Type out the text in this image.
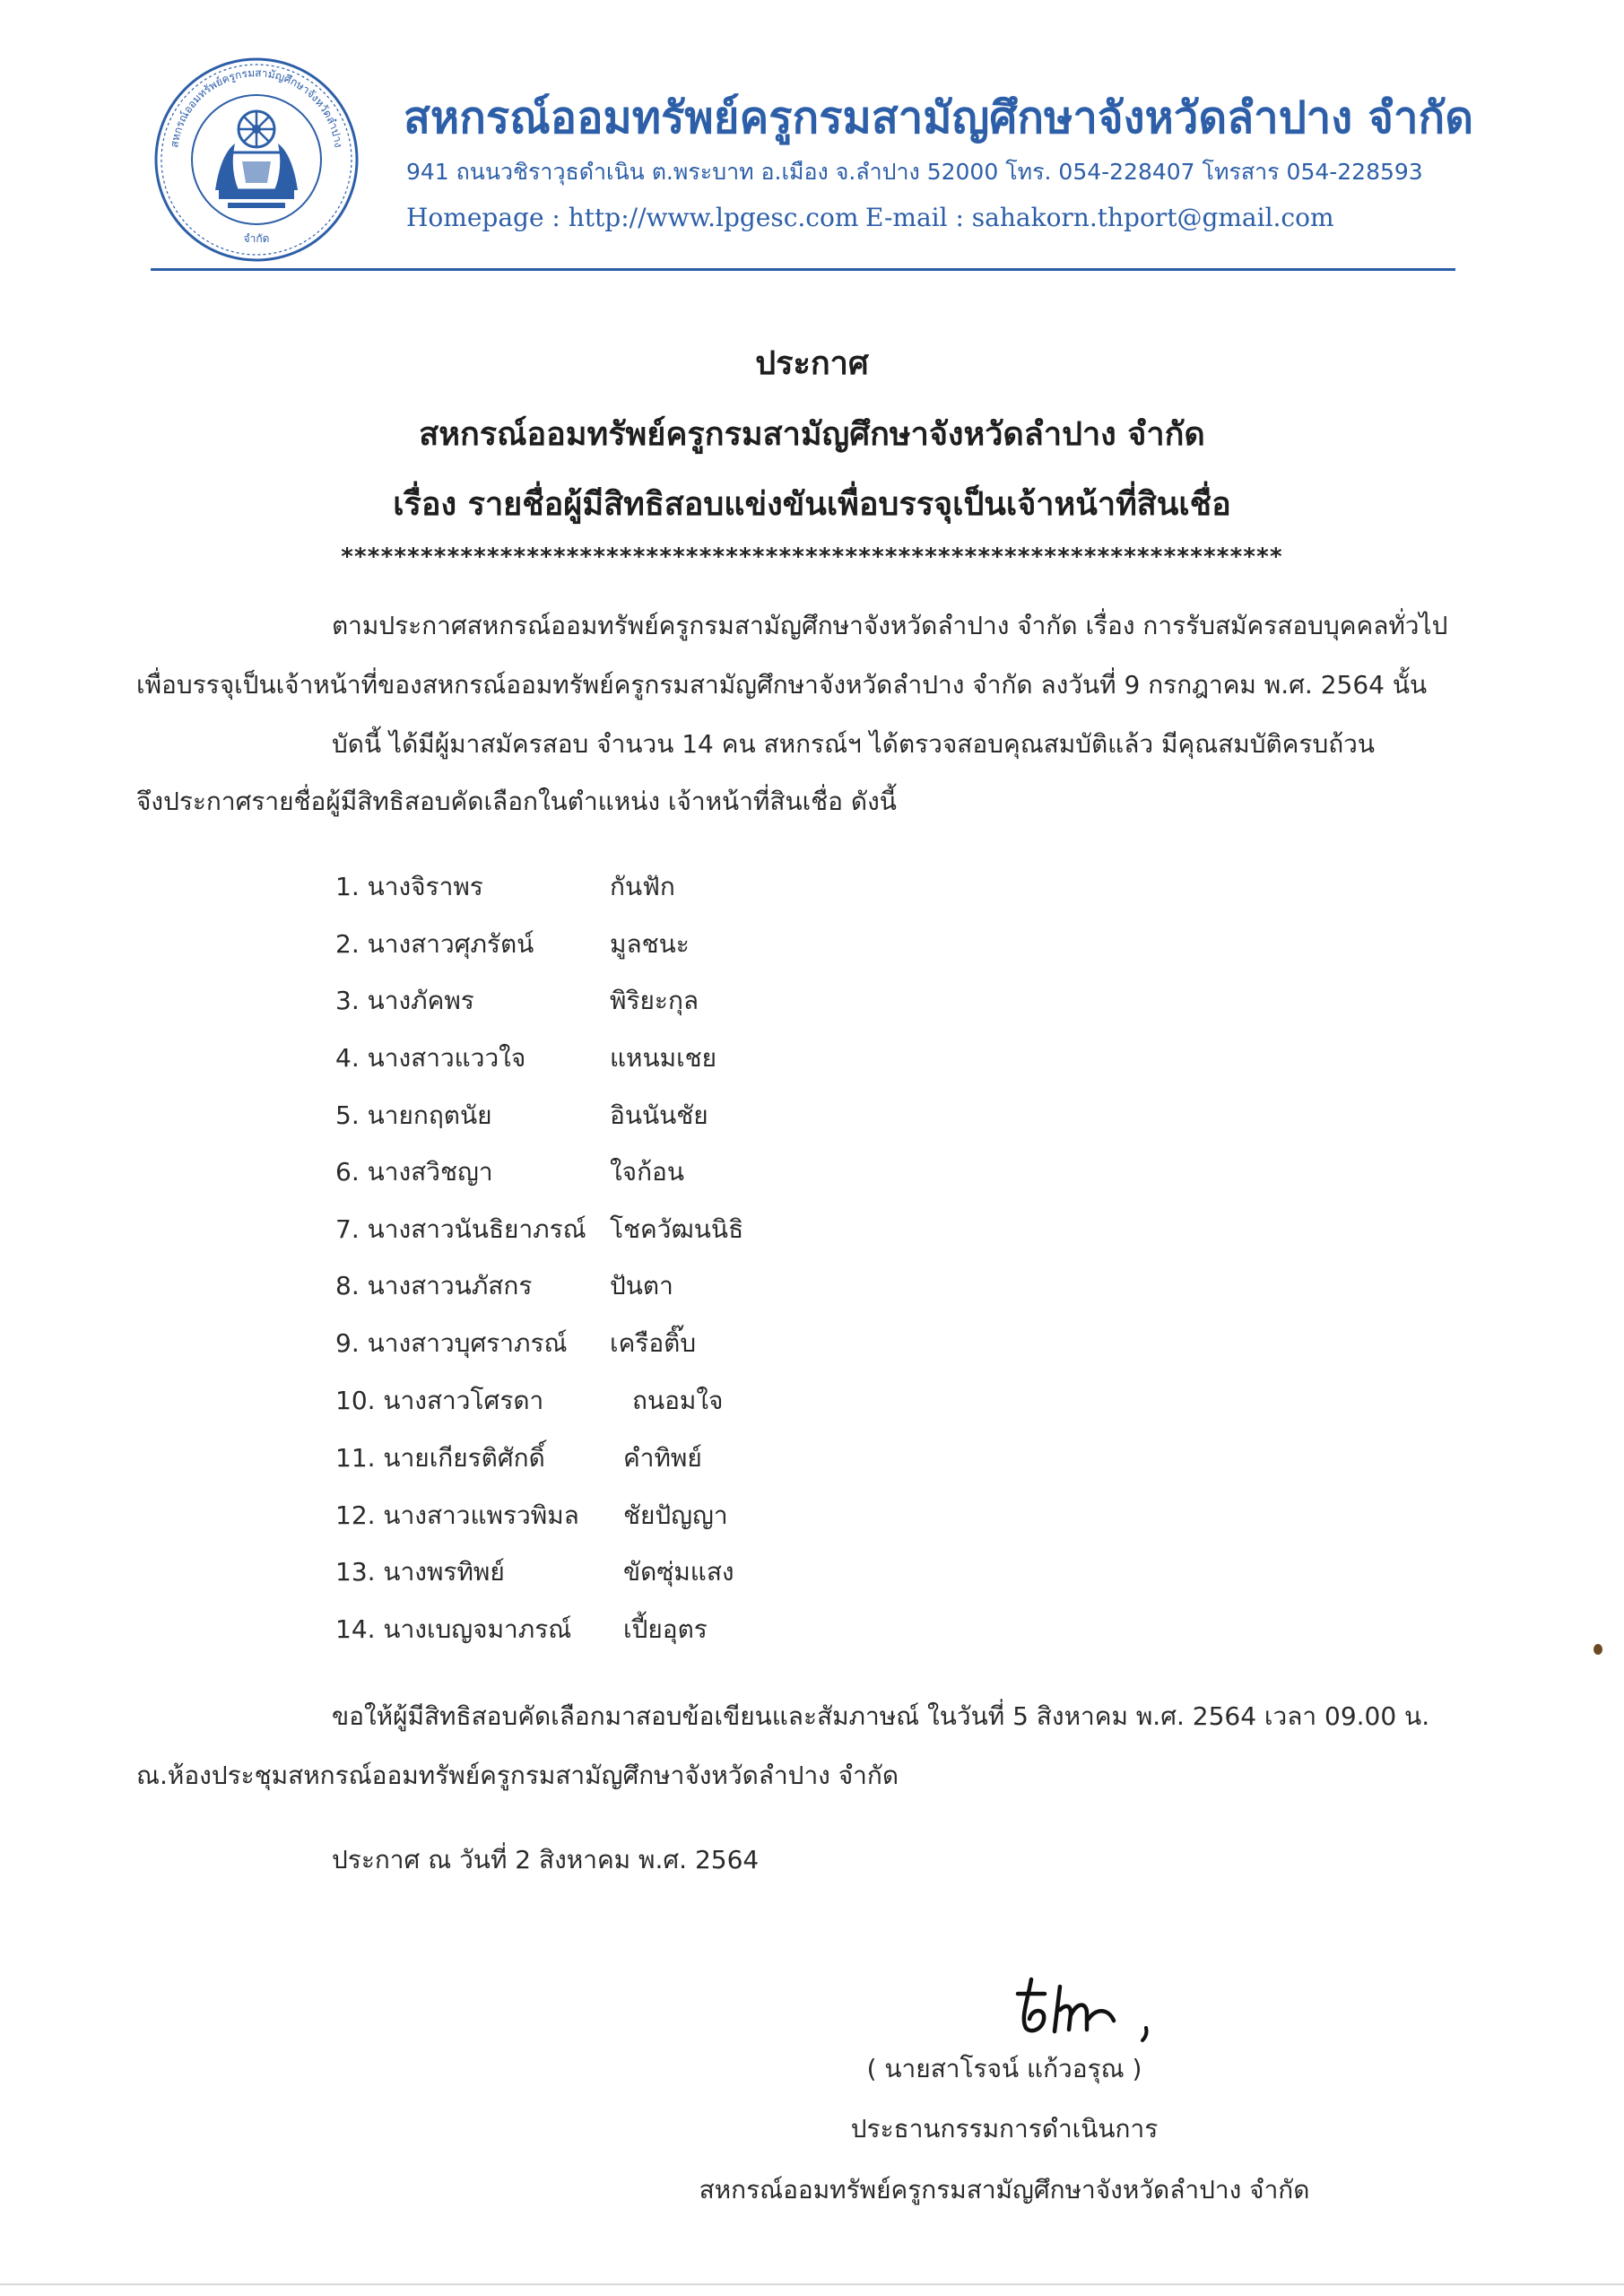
สหกรณ์ออมทรัพย์ครูกรมสามัญศึกษาจังหวัดลำปาง
จำกัด
สหกรณ์ออมทรัพย์ครูกรมสามัญศึกษาจังหวัดลำปาง จำกัด
941 ถนนวชิราวุธดำเนิน ต.พระบาท อ.เมือง จ.ลำปาง 52000 โทร. 054-228407 โทรสาร 054-228593
Homepage : http://www.lpgesc.com E-mail : sahakorn.thport@gmail.com
ประกาศ
สหกรณ์ออมทรัพย์ครูกรมสามัญศึกษาจังหวัดลำปาง จำกัด
เรื่อง รายชื่อผู้มีสิทธิสอบแข่งขันเพื่อบรรจุเป็นเจ้าหน้าที่สินเชื่อ
***********************************************************************
ตามประกาศสหกรณ์ออมทรัพย์ครูกรมสามัญศึกษาจังหวัดลำปาง จำกัด เรื่อง การรับสมัครสอบบุคคลทั่วไป
เพื่อบรรจุเป็นเจ้าหน้าที่ของสหกรณ์ออมทรัพย์ครูกรมสามัญศึกษาจังหวัดลำปาง จำกัด ลงวันที่ 9 กรกฎาคม พ.ศ. 2564 นั้น
บัดนี้ ได้มีผู้มาสมัครสอบ จำนวน 14 คน สหกรณ์ฯ ได้ตรวจสอบคุณสมบัติแล้ว มีคุณสมบัติครบถ้วน
จึงประกาศรายชื่อผู้มีสิทธิสอบคัดเลือกในตำแหน่ง เจ้าหน้าที่สินเชื่อ ดังนี้
1. นางจิราพร	กันฟัก
2. นางสาวศุภรัตน์	มูลชนะ
3. นางภัคพร	พิริยะกุล
4. นางสาวแววใจ	แหนมเชย
5. นายกฤตนัย	อินนันชัย
6. นางสวิชญา	ใจก้อน
7. นางสาวนันธิยาภรณ์ โชควัฒนนิธิ
8. นางสาวนภัสกร	ปันตา
9. นางสาวบุศราภรณ์ เครือติ๊บ
10. นางสาวโศรดา	ถนอมใจ
11. นายเกียรติศักดิ์	คำทิพย์
12. นางสาวแพรวพิมล ชัยปัญญา
13. นางพรทิพย์	ขัดซุ่มแสง
14. นางเบญจมาภรณ์ เปี้ยอุตร
ขอให้ผู้มีสิทธิสอบคัดเลือกมาสอบข้อเขียนและสัมภาษณ์ ในวันที่ 5 สิงหาคม พ.ศ. 2564 เวลา 09.00 น.
ณ.ห้องประชุมสหกรณ์ออมทรัพย์ครูกรมสามัญศึกษาจังหวัดลำปาง จำกัด
ประกาศ ณ วันที่ 2 สิงหาคม พ.ศ. 2564
( นายสาโรจน์ แก้วอรุณ )
ประธานกรรมการดำเนินการ
สหกรณ์ออมทรัพย์ครูกรมสามัญศึกษาจังหวัดลำปาง จำกัด
